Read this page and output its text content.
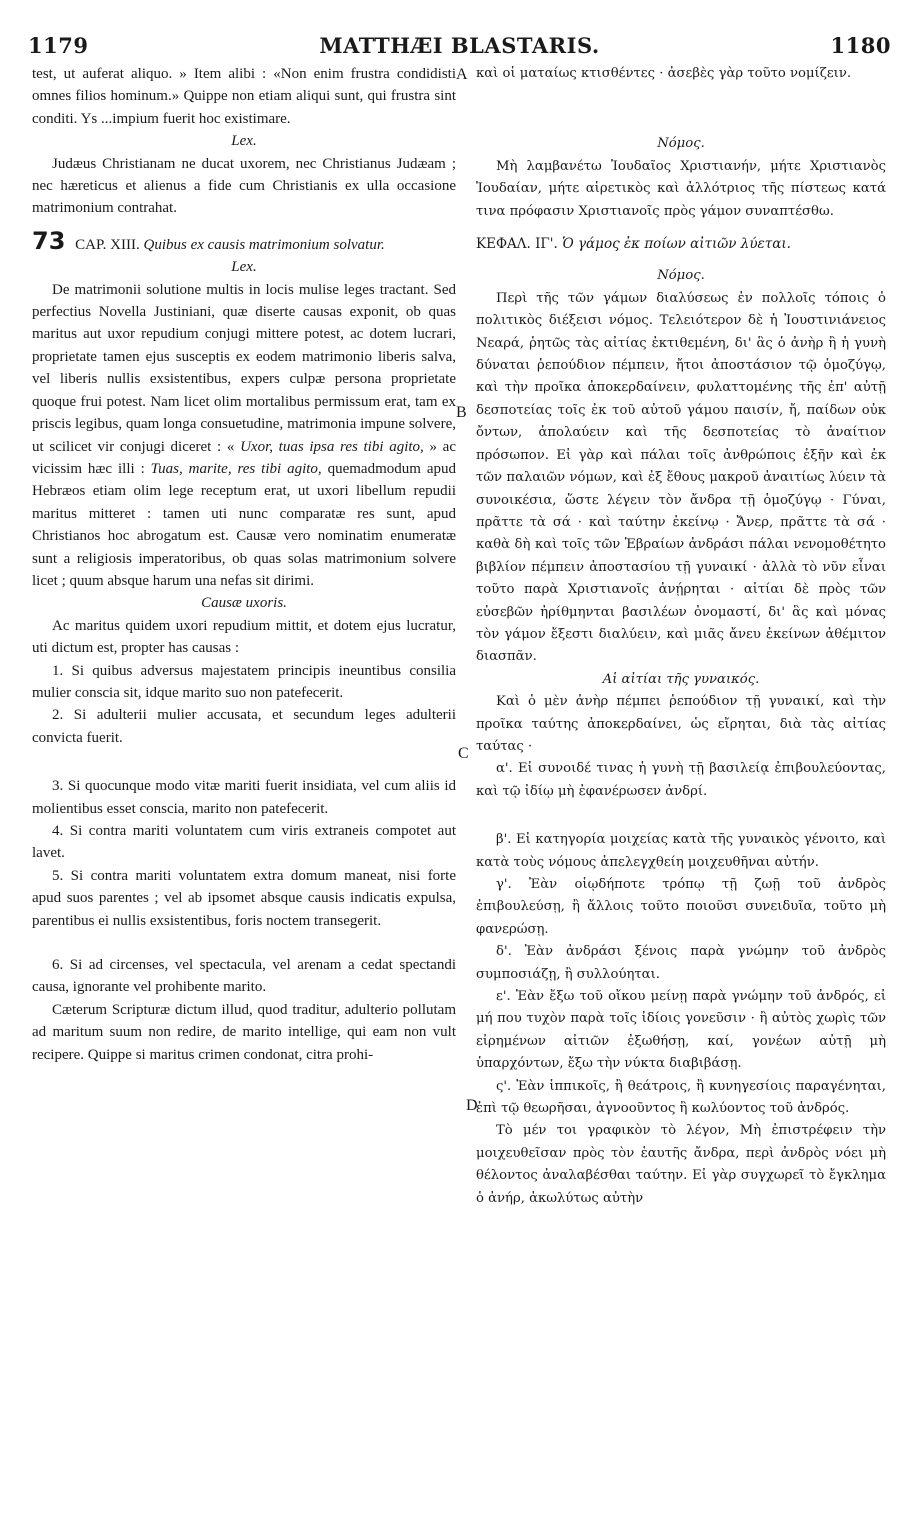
1179	MATTHÆI BLASTARIS.	1180
A
B
C
D

test, ut auferat aliquo. » Item alibi : «Non enim frustra condidisti omnes filios hominum.» Quippe non etiam aliqui sunt, qui frustra sint conditi. Ys ...impium fuerit hoc existimare.

Lex.

Judæus Christianam ne ducat uxorem, nec Christianus Judæam ; nec hæreticus et alienus a fide cum Christianis ex ulla occasione matrimonium contrahat.

73 CAP. XIII. Quibus ex causis matrimonium solvatur.

Lex.

De matrimonii solutione multis in locis mulise leges tractant. Sed perfectius Novella Justiniani, quæ diserte causas exponit, ob quas maritus aut uxor repudium conjugi mittere potest, ac dotem lucrari, proprietate tamen ejus susceptis ex eodem matrimonio liberis salva, vel liberis nullis exsistentibus, expers culpæ persona proprietate quoque frui potest. Nam licet olim mortalibus permissum erat, tam ex priscis legibus, quam longa consuetudine, matrimonia impune solvere, ut scilicet vir conjugi diceret : « Uxor, tuas ipsa res tibi agito, » ac vicissim hæc illi : Tuas, marite, res tibi agito, quemadmodum apud Hebræos etiam olim lege receptum erat, ut uxori libellum repudii maritus mitteret : tamen uti nunc comparatæ res sunt, apud Christianos hoc abrogatum est. Causæ vero nominatim enumeratæ sunt a religiosis imperatoribus, ob quas solas matrimonium solvere licet ; quum absque harum una nefas sit dirimi.

Causæ uxoris.

Ac maritus quidem uxori repudium mittit, et dotem ejus lucratur, uti dictum est, propter has causas :

1. Si quibus adversus majestatem principis ineuntibus consilia mulier conscia sit, idque marito suo non patefecerit.

2. Si adulterii mulier accusata, et secundum leges adulterii convicta fuerit.

3. Si quocunque modo vitæ mariti fuerit insidiata, vel cum aliis id molientibus esset conscia, marito non patefecerit.

4. Si contra mariti voluntatem cum viris extraneis compotet aut lavet.

5. Si contra mariti voluntatem extra domum maneat, nisi forte apud suos parentes ; vel ab ipsomet absque causis indicatis expulsa, parentibus ei nullis exsistentibus, foris noctem transegerit.

6. Si ad circenses, vel spectacula, vel arenam a cedat spectandi causa, ignorante vel prohibente marito.

Cæterum Scripturæ dictum illud, quod traditur, adulterio pollutam ad maritum suum non redire, de marito intellige, qui eam non vult recipere. Quippe si maritus crimen condonat, citra prohi-

καὶ οἱ ματαίως κτισθέντες · ἀσεβὲς γὰρ τοῦτο νομίζειν.

Νόμος.

Μὴ λαμβανέτω Ἰουδαῖος Χριστιανήν, μήτε Χριστιανὸς Ἰουδαίαν, μήτε αἱρετικὸς καὶ ἀλλότριος τῆς πίστεως κατά τινα πρόφασιν Χριστιανοῖς πρὸς γάμον συναπτέσθω.

ΚΕΦΑΛ. ΙΓ'. Ὁ γάμος ἐκ ποίων αἰτιῶν λύεται.

Νόμος.

Περὶ τῆς τῶν γάμων διαλύσεως ἐν πολλοῖς τόποις ὁ πολιτικὸς διέξεισι νόμος. Τελειότερον δὲ ἡ Ἰουστινιάνειος Νεαρά, ῥητῶς τὰς αἰτίας ἐκτιθεμένη, δι' ἃς ὁ ἀνὴρ ἢ ἡ γυνὴ δύναται ῥεπούδιον πέμπειν, ἤτοι ἀποστάσιον τῷ ὁμοζύγῳ, καὶ τὴν προῖκα ἀποκερδαίνειν, φυλαττομένης τῆς ἐπ' αὐτῇ δεσποτείας τοῖς ἐκ τοῦ αὐτοῦ γάμου παισίν, ἤ, παίδων οὐκ ὄντων, ἀπολαύειν καὶ τῆς δεσποτείας τὸ ἀναίτιον πρόσωπον. Εἰ γὰρ καὶ πάλαι τοῖς ἀνθρώποις ἐξῆν καὶ ἐκ τῶν παλαιῶν νόμων, καὶ ἐξ ἔθους μακροῦ ἀναιτίως λύειν τὰ συνοικέσια, ὥστε λέγειν τὸν ἄνδρα τῇ ὁμοζύγῳ · Γύναι, πρᾶττε τὰ σά · καὶ ταύτην ἐκείνῳ · Ἄνερ, πρᾶττε τὰ σά · καθὰ δὴ καὶ τοῖς τῶν Ἑβραίων ἀνδράσι πάλαι νενομοθέτητο βιβλίον πέμπειν ἀποστασίου τῇ γυναικί · ἀλλὰ τὸ νῦν εἶναι τοῦτο παρὰ Χριστιανοῖς ἀνῄρηται · αἰτίαι δὲ πρὸς τῶν εὐσεβῶν ἠρίθμηνται βασιλέων ὀνομαστί, δι' ἃς καὶ μόνας τὸν γάμον ἔξεστι διαλύειν, καὶ μιᾶς ἄνευ ἐκείνων ἀθέμιτον διασπᾶν.

Αἱ αἰτίαι τῆς γυναικός.

Καὶ ὁ μὲν ἀνὴρ πέμπει ῥεπούδιον τῇ γυναικί, καὶ τὴν προῖκα ταύτης ἀποκερδαίνει, ὡς εἴρηται, διὰ τὰς αἰτίας ταύτας ·

α'. Εἰ συνοιδέ τινας ἡ γυνὴ τῇ βασιλείᾳ ἐπιβουλεύοντας, καὶ τῷ ἰδίῳ μὴ ἐφανέρωσεν ἀνδρί.

β'. Εἰ κατηγορία μοιχείας κατὰ τῆς γυναικὸς γένοιτο, καὶ κατὰ τοὺς νόμους ἀπελεγχθείη μοιχευθῆναι αὐτήν.

γ'. Ἐὰν οἱῳδήποτε τρόπῳ τῇ ζωῇ τοῦ ἀνδρὸς ἐπιβουλεύσῃ, ἢ ἄλλοις τοῦτο ποιοῦσι συνειδυῖα, τοῦτο μὴ φανερώσῃ.

δ'. Ἐὰν ἀνδράσι ξένοις παρὰ γνώμην τοῦ ἀνδρὸς συμποσιάζῃ, ἢ συλλούηται.

ε'. Ἐὰν ἔξω τοῦ οἴκου μείνῃ παρὰ γνώμην τοῦ ἀνδρός, εἰ μή που τυχὸν παρὰ τοῖς ἰδίοις γονεῦσιν · ἢ αὐτὸς χωρὶς τῶν εἰρημένων αἰτιῶν ἐξωθήσῃ, καί, γονέων αὐτῇ μὴ ὑπαρχόντων, ἔξω τὴν νύκτα διαβιβάσῃ.

ς'. Ἐὰν ἱππικοῖς, ἢ θεάτροις, ἢ κυνηγεσίοις παραγένηται, ἐπὶ τῷ θεωρῆσαι, ἀγνοοῦντος ἢ κωλύοντος τοῦ ἀνδρός.

Τὸ μέν τοι γραφικὸν τὸ λέγον, Μὴ ἐπιστρέφειν τὴν μοιχευθεῖσαν πρὸς τὸν ἑαυτῆς ἄνδρα, περὶ ἀνδρὸς νόει μὴ θέλοντος ἀναλαβέσθαι ταύτην. Εἰ γὰρ συγχωρεῖ τὸ ἔγκλημα ὁ ἀνήρ, ἀκωλύτως αὐτὴν
